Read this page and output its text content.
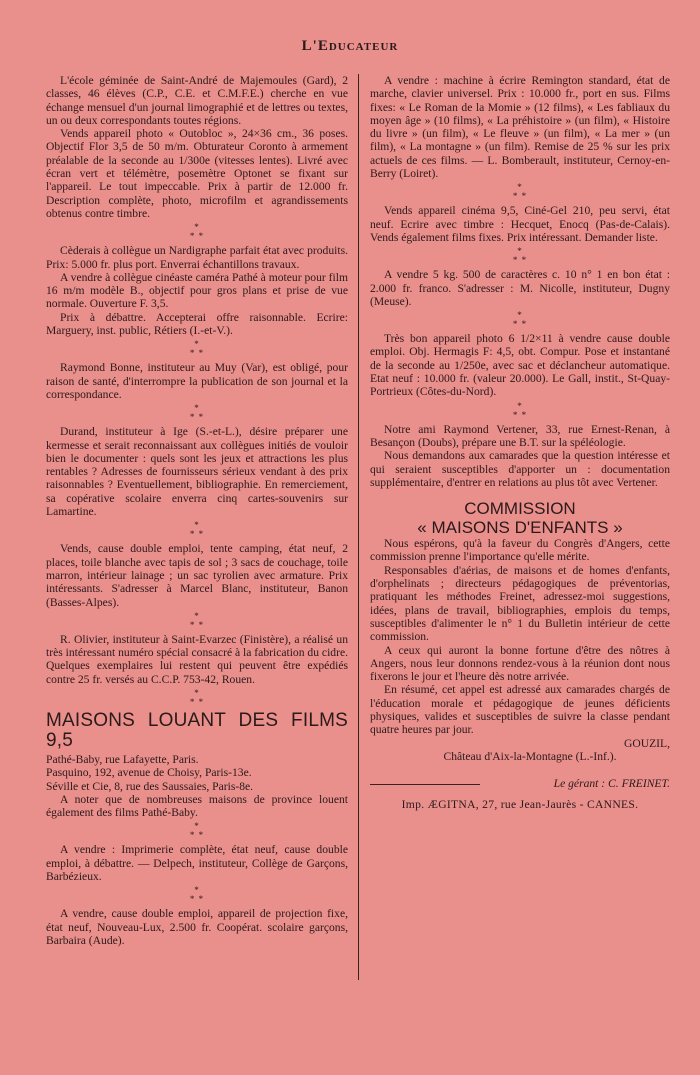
L'Educateur

L'école géminée de Saint-André de Majemoules (Gard), 2 classes, 46 élèves (C.P., C.E. et C.M.F.E.) cherche en vue échange mensuel d'un journal limographié et de lettres ou textes, un ou deux correspondants toutes régions.

Vends appareil photo « Outobloc », 24×36 cm., 36 poses. Objectif Flor 3,5 de 50 m/m. Obturateur Coronto à armement préalable de la seconde au 1/300e (vitesses lentes). Livré avec écran vert et télémètre, posemètre Optonet se fixant sur l'appareil. Le tout impeccable. Prix à partir de 12.000 fr. Description complète, photo, microfilm et agrandissements obtenus contre timbre.

*
* *

Cèderais à collègue un Nardigraphe parfait état avec produits. Prix: 5.000 fr. plus port. Enverrai échantillons travaux.

A vendre à collègue cinéaste caméra Pathé à moteur pour film 16 m/m modèle B., objectif pour gros plans et prise de vue normale. Ouverture F. 3,5.

Prix à débattre. Accepterai offre raisonnable. Ecrire: Marguery, inst. public, Rétiers (I.-et-V.).

*
* *

Raymond Bonne, instituteur au Muy (Var), est obligé, pour raison de santé, d'interrompre la publication de son journal et la correspondance.

*
* *

Durand, instituteur à Ige (S.-et-L.), désire préparer une kermesse et serait reconnaissant aux collègues initiés de vouloir bien le documenter : quels sont les jeux et attractions les plus rentables ? Adresses de fournisseurs sérieux vendant à des prix raisonnables ? Eventuellement, bibliographie. En remerciement, sa copérative scolaire enverra cinq cartes-souvenirs sur Lamartine.

*
* *

Vends, cause double emploi, tente camping, état neuf, 2 places, toile blanche avec tapis de sol ; 3 sacs de couchage, toile marron, intérieur lainage ; un sac tyrolien avec armature. Prix intéressants. S'adresser à Marcel Blanc, instituteur, Banon (Basses-Alpes).

*
* *

R. Olivier, instituteur à Saint-Evarzec (Finistère), a réalisé un très intéressant numéro spécial consacré à la fabrication du cidre. Quelques exemplaires lui restent qui peuvent être expédiés contre 25 fr. versés au C.C.P. 753-42, Rouen.

*
* *
MAISONS LOUANT DES FILMS 9,5

Pathé-Baby, rue Lafayette, Paris.

Pasquino, 192, avenue de Choisy, Paris-13e.

Séville et Cie, 8, rue des Saussaies, Paris-8e.

A noter que de nombreuses maisons de province louent également des films Pathé-Baby.

*
* *

A vendre : Imprimerie complète, état neuf, cause double emploi, à débattre. — Delpech, instituteur, Collège de Garçons, Barbézieux.

*
* *

A vendre, cause double emploi, appareil de projection fixe, état neuf, Nouveau-Lux, 2.500 fr. Coopérat. scolaire garçons, Barbaira (Aude).

A vendre : machine à écrire Remington standard, état de marche, clavier universel. Prix : 10.000 fr., port en sus. Films fixes: « Le Roman de la Momie » (12 films), « Les fabliaux du moyen âge » (10 films), « La préhistoire » (un film), « Histoire du livre » (un film), « Le fleuve » (un film), « La mer » (un film), « La montagne » (un film). Remise de 25 % sur les prix actuels de ces films. — L. Bomberault, instituteur, Cernoy-en-Berry (Loiret).

*
* *

Vends appareil cinéma 9,5, Ciné-Gel 210, peu servi, état neuf. Ecrire avec timbre : Hecquet, Enocq (Pas-de-Calais). Vends également films fixes. Prix intéressant. Demander liste.

*
* *

A vendre 5 kg. 500 de caractères c. 10 n° 1 en bon état : 2.000 fr. franco. S'adresser : M. Nicolle, instituteur, Dugny (Meuse).

*
* *

Très bon appareil photo 6 1/2×11 à vendre cause double emploi. Obj. Hermagis F: 4,5, obt. Compur. Pose et instantané de la seconde au 1/250e, avec sac et déclancheur automatique. Etat neuf : 10.000 fr. (valeur 20.000). Le Gall, instit., St-Quay-Portrieux (Côtes-du-Nord).

*
* *

Notre ami Raymond Vertener, 33, rue Ernest-Renan, à Besançon (Doubs), prépare une B.T. sur la spéléologie.

Nous demandons aux camarades que la question intéresse et qui seraient susceptibles d'apporter un : documentation supplémentaire, d'entrer en relations au plus tôt avec Vertener.

COMMISSION
« MAISONS D'ENFANTS »

Nous espérons, qu'à la faveur du Congrès d'Angers, cette commission prenne l'importance qu'elle mérite.

Responsables d'aérias, de maisons et de homes d'enfants, d'orphelinats ; directeurs pédagogiques de préventorias, pratiquant les méthodes Freinet, adressez-moi suggestions, idées, plans de travail, bibliographies, emplois du temps, susceptibles d'alimenter le n° 1 du Bulletin intérieur de cette commission.

A ceux qui auront la bonne fortune d'être des nôtres à Angers, nous leur donnons rendez-vous à la réunion dont nous fixerons le jour et l'heure dès notre arrivée.

En résumé, cet appel est adressé aux camarades chargés de l'éducation morale et pédagogique de jeunes déficients physiques, valides et susceptibles de suivre la classe pendant quatre heures par jour.

GOUZIL,

Château d'Aix-la-Montagne (L.-Inf.).

Le gérant : C. FREINET.
Imp. ÆGITNA, 27, rue Jean-Jaurès - CANNES.
